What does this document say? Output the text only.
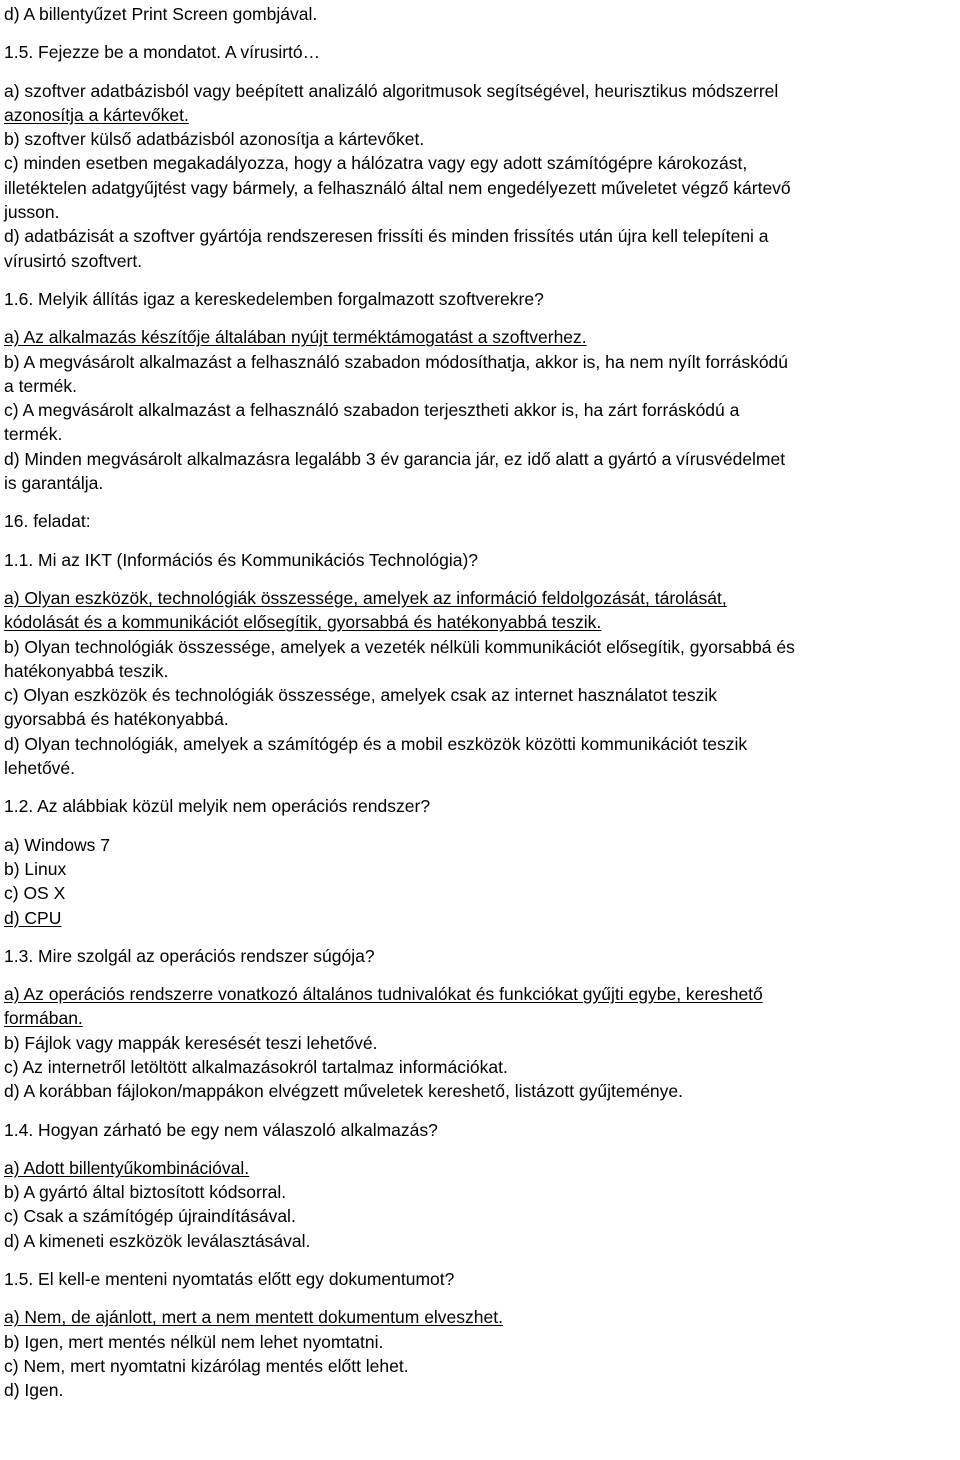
d) A billentyűzet Print Screen gombjával.
1.5. Fejezze be a mondatot. A vírusirtó…
a) szoftver adatbázisból vagy beépített analizáló algoritmusok segítségével, heurisztikus módszerrel
azonosítja a kártevőket.
b) szoftver külső adatbázisból azonosítja a kártevőket.
c) minden esetben megakadályozza, hogy a hálózatra vagy egy adott számítógépre károkozást,
illetéktelen adatgyűjtést vagy bármely, a felhasználó által nem engedélyezett műveletet végző kártevő
jusson.
d) adatbázisát a szoftver gyártója rendszeresen frissíti és minden frissítés után újra kell telepíteni a
vírusirtó szoftvert.
1.6. Melyik állítás igaz a kereskedelemben forgalmazott szoftverekre?
a) Az alkalmazás készítője általában nyújt terméktámogatást a szoftverhez.
b) A megvásárolt alkalmazást a felhasználó szabadon módosíthatja, akkor is, ha nem nyílt forráskódú
a termék.
c) A megvásárolt alkalmazást a felhasználó szabadon terjesztheti akkor is, ha zárt forráskódú a
termék.
d) Minden megvásárolt alkalmazásra legalább 3 év garancia jár, ez idő alatt a gyártó a vírusvédelmet
is garantálja.
16. feladat:
1.1. Mi az IKT (Információs és Kommunikációs Technológia)?
a) Olyan eszközök, technológiák összessége, amelyek az információ feldolgozását, tárolását,
kódolását és a kommunikációt elősegítik, gyorsabbá és hatékonyabbá teszik.
b) Olyan technológiák összessége, amelyek a vezeték nélküli kommunikációt elősegítik, gyorsabbá és
hatékonyabbá teszik.
c) Olyan eszközök és technológiák összessége, amelyek csak az internet használatot teszik
gyorsabbá és hatékonyabbá.
d) Olyan technológiák, amelyek a számítógép és a mobil eszközök közötti kommunikációt teszik
lehetővé.
1.2. Az alábbiak közül melyik nem operációs rendszer?
a) Windows 7
b) Linux
c) OS X
d) CPU
1.3. Mire szolgál az operációs rendszer súgója?
a) Az operációs rendszerre vonatkozó általános tudnivalókat és funkciókat gyűjti egybe, kereshető
formában.
b) Fájlok vagy mappák keresését teszi lehetővé.
c) Az internetről letöltött alkalmazásokról tartalmaz információkat.
d) A korábban fájlokon/mappákon elvégzett műveletek kereshető, listázott gyűjteménye.
1.4. Hogyan zárható be egy nem válaszoló alkalmazás?
a) Adott billentyűkombinációval.
b) A gyártó által biztosított kódsorral.
c) Csak a számítógép újraindításával.
d) A kimeneti eszközök leválasztásával.
1.5. El kell-e menteni nyomtatás előtt egy dokumentumot?
a) Nem, de ajánlott, mert a nem mentett dokumentum elveszhet.
b) Igen, mert mentés nélkül nem lehet nyomtatni.
c) Nem, mert nyomtatni kizárólag mentés előtt lehet.
d) Igen.
